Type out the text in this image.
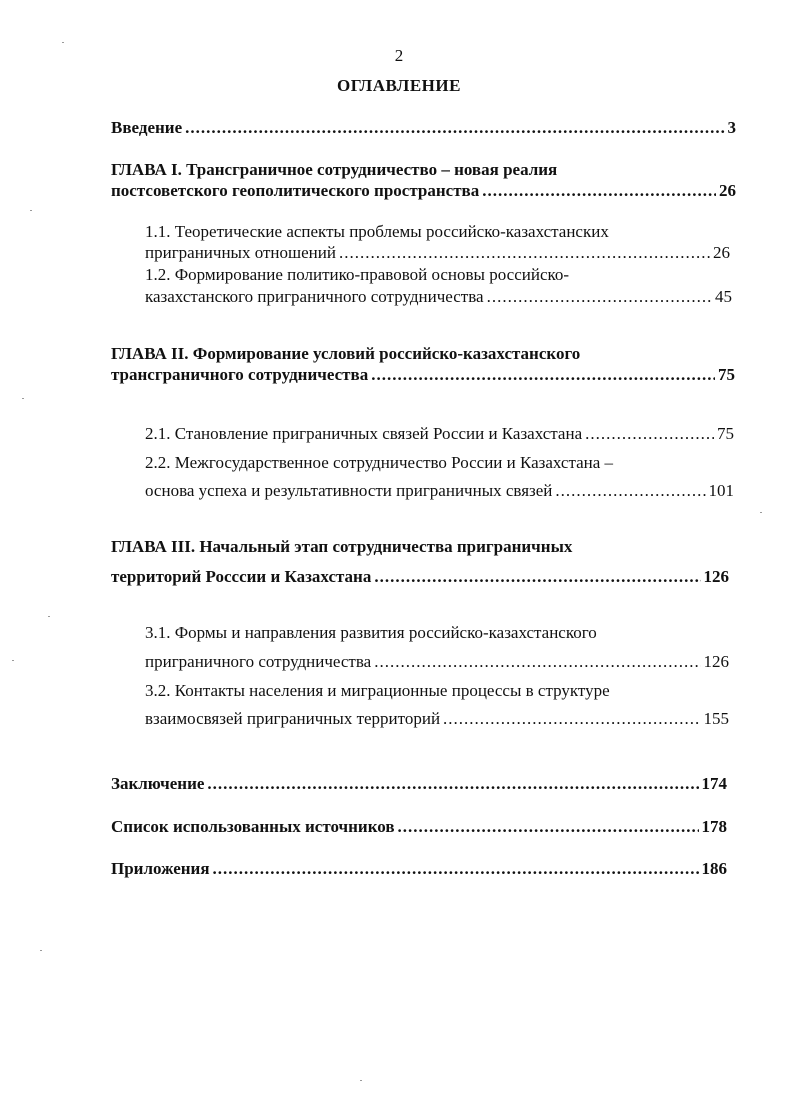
2
ОГЛАВЛЕНИЕ
Введение .....	3
ГЛАВА I. Трансграничное сотрудничество – новая реалия
постсоветского геополитического пространства .....	26
1.1. Теоретические аспекты проблемы российско-казахстанских
приграничных отношений .....	26
1.2. Формирование политико-правовой основы российско-
казахстанского приграничного сотрудничества .....	45
ГЛАВА II. Формирование условий российско-казахстанского
трансграничного сотрудничества .....	75
2.1. Становление приграничных связей России и Казахстана .....	75
2.2. Межгосударственное сотрудничество России и Казахстана –
основа успеха и результативности приграничных связей .....	101
ГЛАВА III. Начальный этап сотрудничества приграничных
территорий Россcии и Казахстана .....	126
3.1. Формы и направления развития российско-казахстанского
приграничного сотрудничества .....	126
3.2. Контакты населения и миграционные процессы в структуре
взаимосвязей приграничных территорий .....	155
Заключение .....	174
Список использованных источников .....	178
Приложения .....	186
